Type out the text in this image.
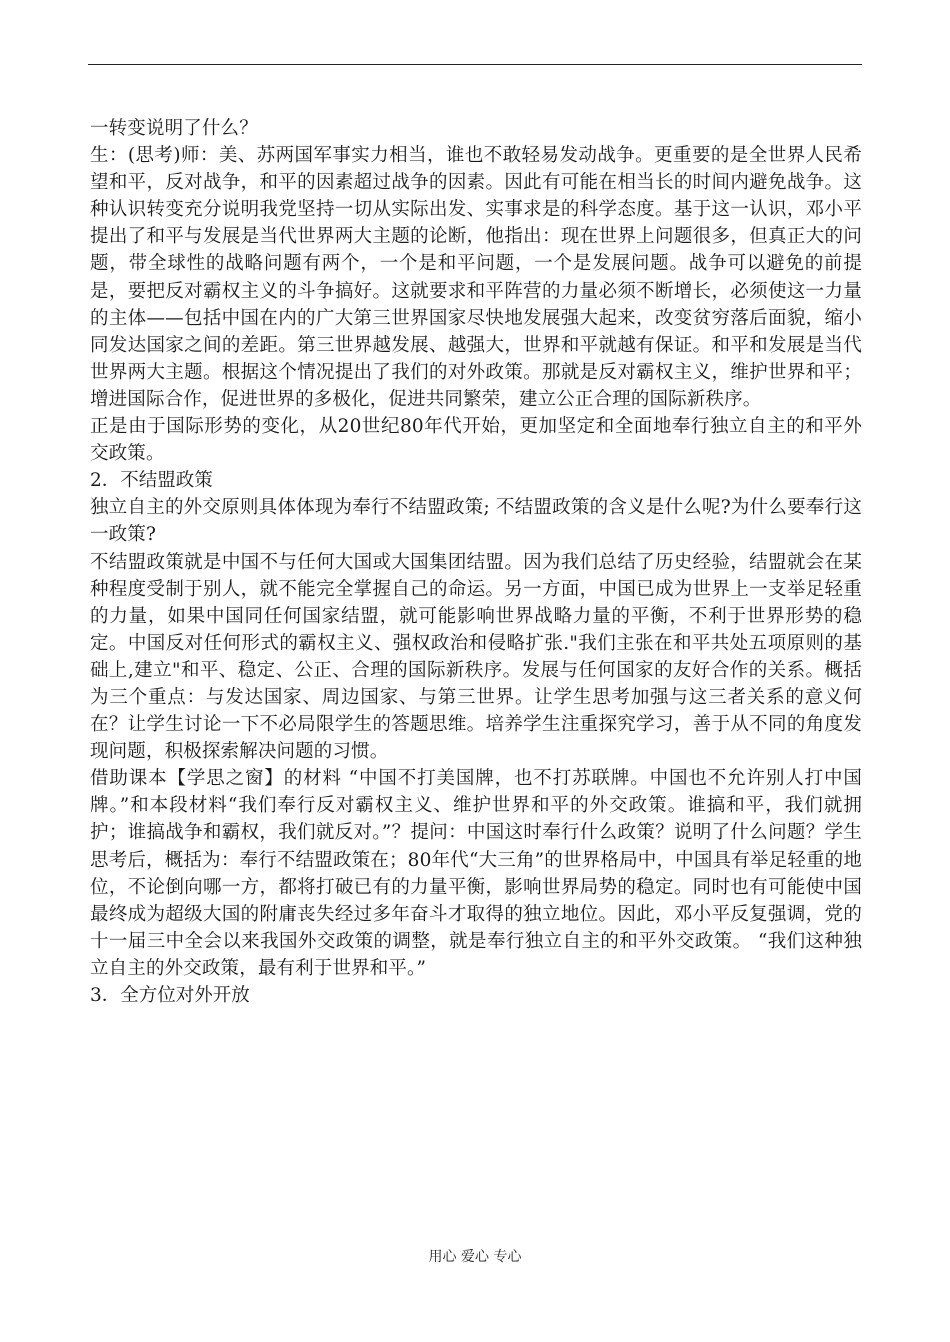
一转变说明了什么？

生：(思考)师：美、苏两国军事实力相当，谁也不敢轻易发动战争。更重要的是全世界人民希望和平，反对战争，和平的因素超过战争的因素。因此有可能在相当长的时间内避免战争。这种认识转变充分说明我党坚持一切从实际出发、实事求是的科学态度。基于这一认识，邓小平提出了和平与发展是当代世界两大主题的论断，他指出：现在世界上问题很多，但真正大的问题，带全球性的战略问题有两个，一个是和平问题，一个是发展问题。战争可以避免的前提是，要把反对霸权主义的斗争搞好。这就要求和平阵营的力量必须不断增长，必须使这一力量的主体——包括中国在内的广大第三世界国家尽快地发展强大起来，改变贫穷落后面貌，缩小同发达国家之间的差距。第三世界越发展、越强大，世界和平就越有保证。和平和发展是当代世界两大主题。根据这个情况提出了我们的对外政策。那就是反对霸权主义，维护世界和平；增进国际合作，促进世界的多极化，促进共同繁荣，建立公正合理的国际新秩序。

正是由于国际形势的变化，从20世纪80年代开始，更加坚定和全面地奉行独立自主的和平外交政策。

2．不结盟政策

独立自主的外交原则具体体现为奉行不结盟政策; 不结盟政策的含义是什么呢?为什么要奉行这一政策?

不结盟政策就是中国不与任何大国或大国集团结盟。因为我们总结了历史经验，结盟就会在某种程度受制于别人，就不能完全掌握自己的命运。另一方面，中国已成为世界上一支举足轻重的力量，如果中国同任何国家结盟，就可能影响世界战略力量的平衡，不利于世界形势的稳定。中国反对任何形式的霸权主义、强权政治和侵略扩张."我们主张在和平共处五项原则的基础上,建立"和平、稳定、公正、合理的国际新秩序。发展与任何国家的友好合作的关系。概括为三个重点：与发达国家、周边国家、与第三世界。让学生思考加强与这三者关系的意义何在？让学生讨论一下不必局限学生的答题思维。培养学生注重探究学习，善于从不同的角度发现问题，积极探索解决问题的习惯。

借助课本【学思之窗】的材料 “中国不打美国牌，也不打苏联牌。中国也不允许别人打中国牌。”和本段材料“我们奉行反对霸权主义、维护世界和平的外交政策。谁搞和平，我们就拥护；谁搞战争和霸权，我们就反对。”？提问：中国这时奉行什么政策？说明了什么问题？学生思考后，概括为：奉行不结盟政策在；80年代“大三角”的世界格局中，中国具有举足轻重的地位，不论倒向哪一方，都将打破已有的力量平衡，影响世界局势的稳定。同时也有可能使中国最终成为超级大国的附庸丧失经过多年奋斗才取得的独立地位。因此，邓小平反复强调，党的十一届三中全会以来我国外交政策的调整，就是奉行独立自主的和平外交政策。 “我们这种独立自主的外交政策，最有利于世界和平。”

3．全方位对外开放

用心 爱心 专心
